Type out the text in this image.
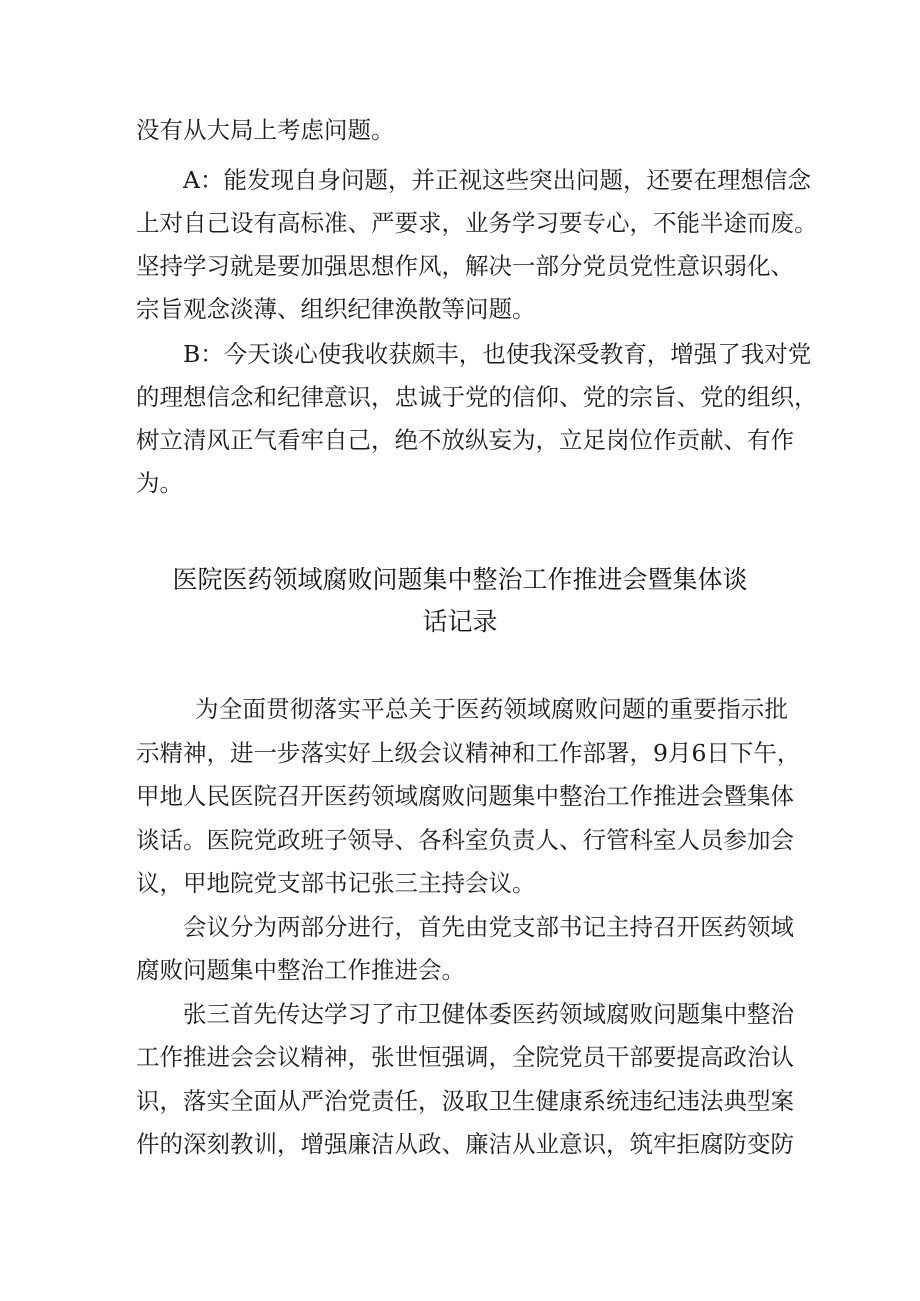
没有从大局上考虑问题。
A：能发现自身问题，并正视这些突出问题，还要在理想信念
上对自己设有高标准、严要求，业务学习要专心，不能半途而废。
坚持学习就是要加强思想作风，解决一部分党员党性意识弱化、
宗旨观念淡薄、组织纪律涣散等问题。
B：今天谈心使我收获颇丰，也使我深受教育，增强了我对党
的理想信念和纪律意识，忠诚于党的信仰、党的宗旨、党的组织，
树立清风正气看牢自己，绝不放纵妄为，立足岗位作贡献、有作
为。
医院医药领域腐败问题集中整治工作推进会暨集体谈
话记录
为全面贯彻落实平总关于医药领域腐败问题的重要指示批
示精神，进一步落实好上级会议精神和工作部署，9月6日下午，
甲地人民医院召开医药领域腐败问题集中整治工作推进会暨集体
谈话。医院党政班子领导、各科室负责人、行管科室人员参加会
议，甲地院党支部书记张三主持会议。
会议分为两部分进行，首先由党支部书记主持召开医药领域
腐败问题集中整治工作推进会。
张三首先传达学习了市卫健体委医药领域腐败问题集中整治
工作推进会会议精神，张世恒强调，全院党员干部要提高政治认
识，落实全面从严治党责任，汲取卫生健康系统违纪违法典型案
件的深刻教训，增强廉洁从政、廉洁从业意识，筑牢拒腐防变防
